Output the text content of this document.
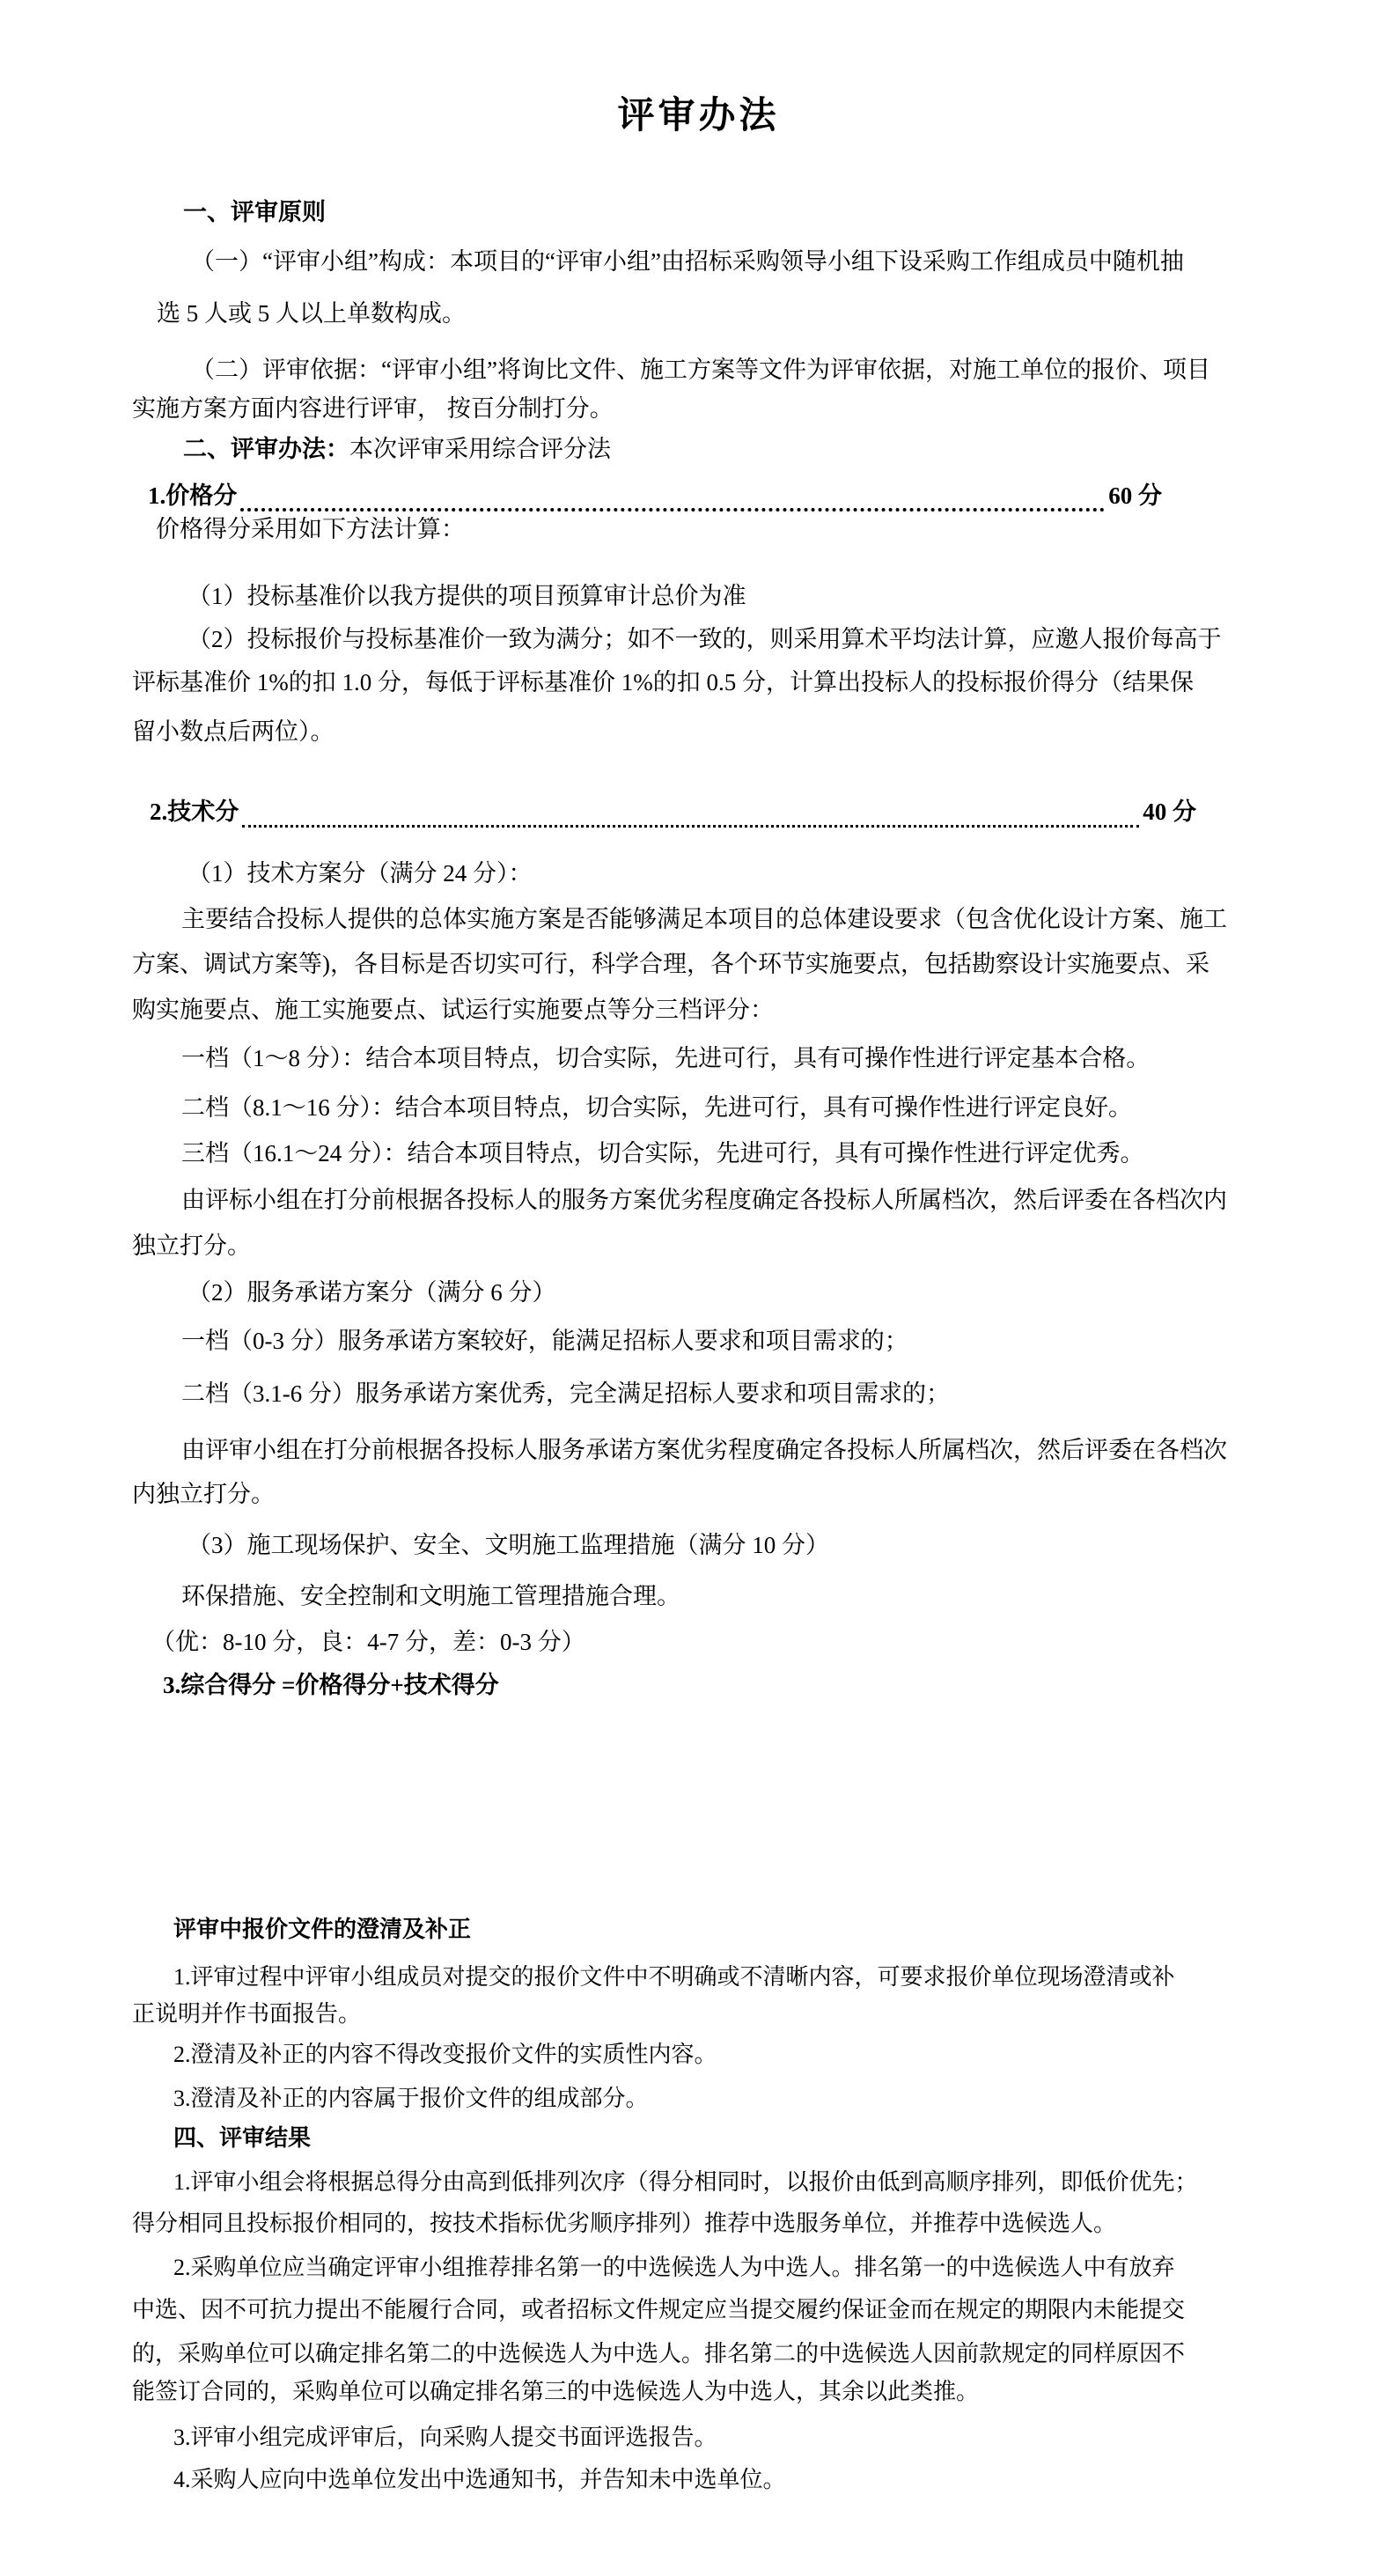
评审办法
一、评审原则
（一）“评审小组”构成：本项目的“评审小组”由招标采购领导小组下设采购工作组成员中随机抽
选 5 人或 5 人以上单数构成。
（二）评审依据：“评审小组”将询比文件、施工方案等文件为评审依据，对施工单位的报价、项目
实施方案方面内容进行评审， 按百分制打分。
二、评审办法：本次评审采用综合评分法
1.价格分	60 分
价格得分采用如下方法计算：
（1）投标基准价以我方提供的项目预算审计总价为准
（2）投标报价与投标基准价一致为满分；如不一致的，则采用算术平均法计算，应邀人报价每高于
评标基准价 1%的扣 1.0 分，每低于评标基准价 1%的扣 0.5 分，计算出投标人的投标报价得分（结果保
留小数点后两位）。
2.技术分	40 分
（1）技术方案分（满分 24 分）：
主要结合投标人提供的总体实施方案是否能够满足本项目的总体建设要求（包含优化设计方案、施工
方案、调试方案等)，各目标是否切实可行，科学合理，各个环节实施要点，包括勘察设计实施要点、采
购实施要点、施工实施要点、试运行实施要点等分三档评分：
一档（1～8 分）：结合本项目特点，切合实际，先进可行，具有可操作性进行评定基本合格。
二档（8.1～16 分）：结合本项目特点，切合实际，先进可行，具有可操作性进行评定良好。
三档（16.1～24 分）：结合本项目特点，切合实际，先进可行，具有可操作性进行评定优秀。
由评标小组在打分前根据各投标人的服务方案优劣程度确定各投标人所属档次，然后评委在各档次内
独立打分。
（2）服务承诺方案分（满分 6 分）
一档（0-3 分）服务承诺方案较好，能满足招标人要求和项目需求的；
二档（3.1-6 分）服务承诺方案优秀，完全满足招标人要求和项目需求的；
由评审小组在打分前根据各投标人服务承诺方案优劣程度确定各投标人所属档次，然后评委在各档次
内独立打分。
（3）施工现场保护、安全、文明施工监理措施（满分 10 分）
环保措施、安全控制和文明施工管理措施合理。
（优：8-10 分，良：4-7 分，差：0-3 分）
3.综合得分 =价格得分+技术得分
评审中报价文件的澄清及补正
1.评审过程中评审小组成员对提交的报价文件中不明确或不清晰内容，可要求报价单位现场澄清或补
正说明并作书面报告。
2.澄清及补正的内容不得改变报价文件的实质性内容。
3.澄清及补正的内容属于报价文件的组成部分。
四、评审结果
1.评审小组会将根据总得分由高到低排列次序（得分相同时，以报价由低到高顺序排列，即低价优先；
得分相同且投标报价相同的，按技术指标优劣顺序排列）推荐中选服务单位，并推荐中选候选人。
2.采购单位应当确定评审小组推荐排名第一的中选候选人为中选人。排名第一的中选候选人中有放弃
中选、因不可抗力提出不能履行合同，或者招标文件规定应当提交履约保证金而在规定的期限内未能提交
的，采购单位可以确定排名第二的中选候选人为中选人。排名第二的中选候选人因前款规定的同样原因不
能签订合同的，采购单位可以确定排名第三的中选候选人为中选人，其余以此类推。
3.评审小组完成评审后，向采购人提交书面评选报告。
4.采购人应向中选单位发出中选通知书，并告知未中选单位。
